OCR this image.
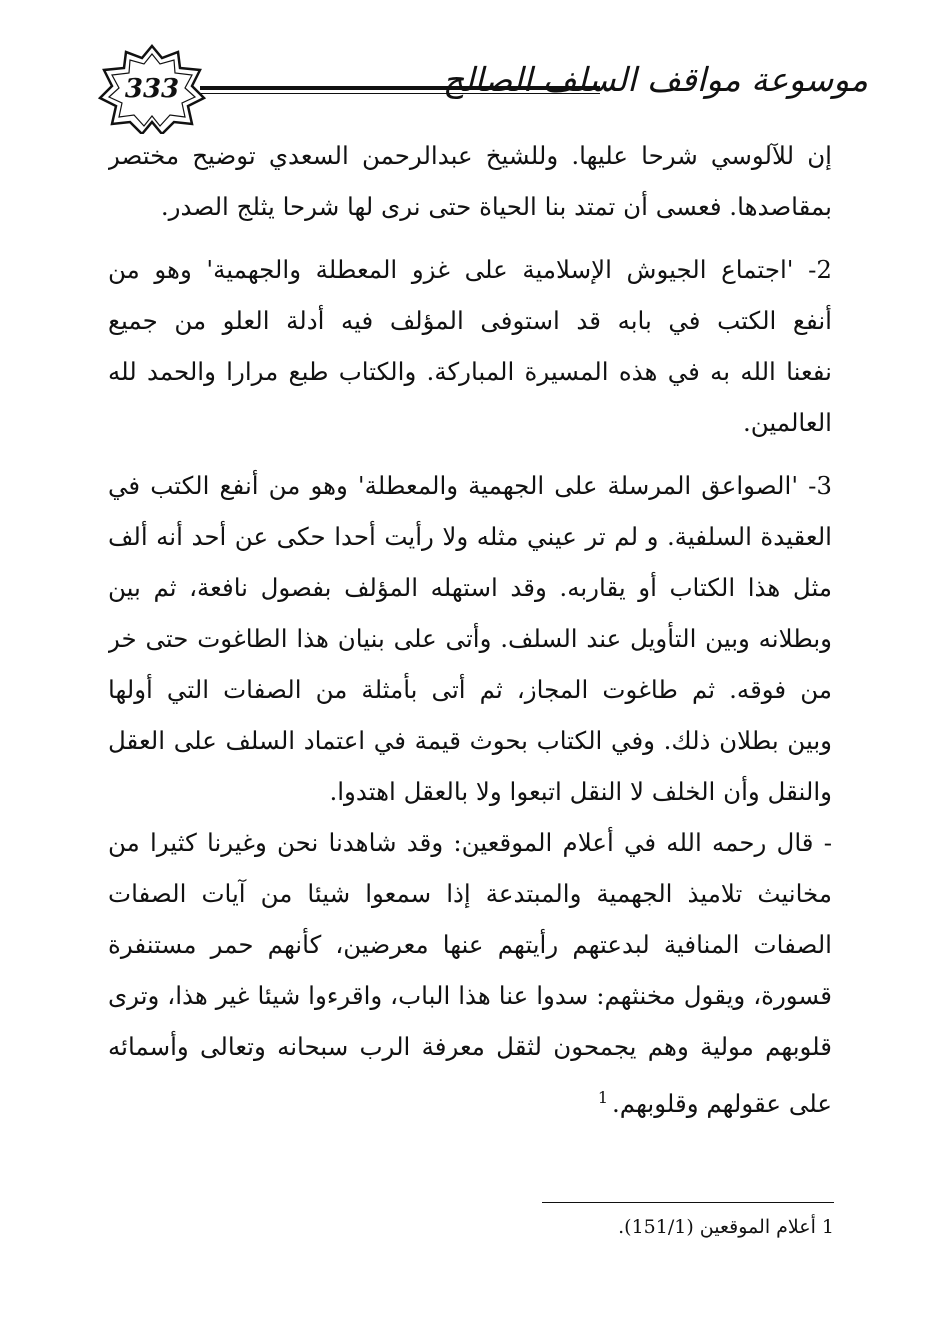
333	موسوعة مواقف السلف الصالح
إن للآلوسي شرحا عليها. وللشيخ عبدالرحمن السعدي توضيح مختصر
بمقاصدها. فعسى أن تمتد بنا الحياة حتى نرى لها شرحا يثلج الصدر.
2- 'اجتماع الجيوش الإسلامية على غزو المعطلة والجهمية' وهو من
أنفع الكتب في بابه قد استوفى المؤلف فيه أدلة العلو من جميع
نفعنا الله به في هذه المسيرة المباركة. والكتاب طبع مرارا والحمد لله
العالمين.
3- 'الصواعق المرسلة على الجهمية والمعطلة' وهو من أنفع الكتب في
العقيدة السلفية. و لم تر عيني مثله ولا رأيت أحدا حكى عن أحد أنه ألف
مثل هذا الكتاب أو يقاربه. وقد استهله المؤلف بفصول نافعة، ثم بين
وبطلانه وبين التأويل عند السلف. وأتى على بنيان هذا الطاغوت حتى خر
من فوقه. ثم طاغوت المجاز، ثم أتى بأمثلة من الصفات التي أولها
وبين بطلان ذلك. وفي الكتاب بحوث قيمة في اعتماد السلف على العقل
والنقل وأن الخلف لا النقل اتبعوا ولا بالعقل اهتدوا.
- قال رحمه الله في أعلام الموقعين: وقد شاهدنا نحن وغيرنا كثيرا من
مخانيث تلاميذ الجهمية والمبتدعة إذا سمعوا شيئا من آيات الصفات
الصفات المنافية لبدعتهم رأيتهم عنها معرضين، كأنهم حمر مستنفرة
قسورة، ويقول مخنثهم: سدوا عنا هذا الباب، واقرءوا شيئا غير هذا، وترى
قلوبهم مولية وهم يجمحون لثقل معرفة الرب سبحانه وتعالى وأسمائه
على عقولهم وقلوبهم.$^1$
1 أعلام الموقعين (151/1).
